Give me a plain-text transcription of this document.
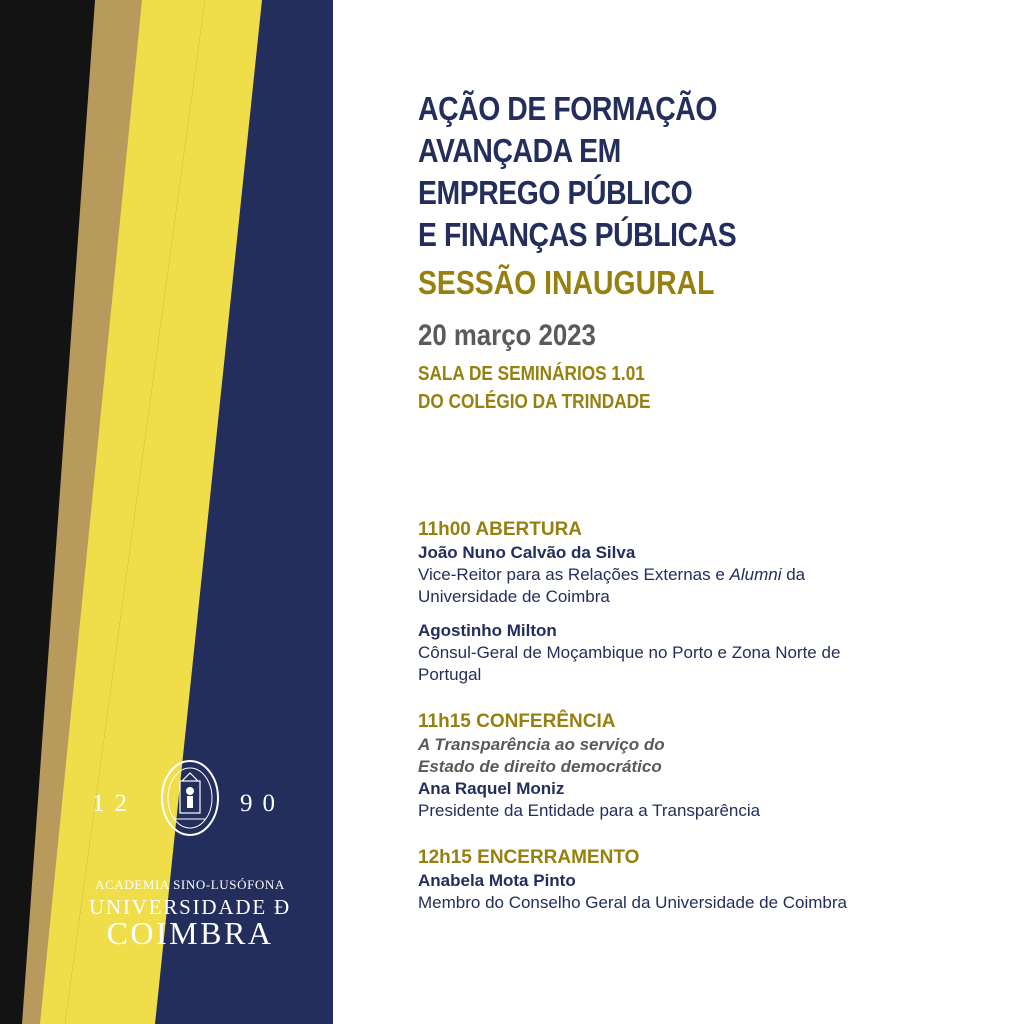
12	90
ACADEMIA SINO-LUSÓFONA
UNIVERSIDADE Đ
COIMBRA
AÇÃO DE FORMAÇÃO
AVANÇADA EM
EMPREGO PÚBLICO
E FINANÇAS PÚBLICAS
SESSÃO INAUGURAL
20 março 2023
SALA DE SEMINÁRIOS 1.01
DO COLÉGIO DA TRINDADE
11h00 ABERTURA
João Nuno Calvão da Silva
Vice-Reitor para as Relações Externas e Alumni da
Universidade de Coimbra
Agostinho Milton
Cônsul-Geral de Moçambique no Porto e Zona Norte de
Portugal
11h15 CONFERÊNCIA
A Transparência ao serviço do
Estado de direito democrático
Ana Raquel Moniz
Presidente da Entidade para a Transparência
12h15 ENCERRAMENTO
Anabela Mota Pinto
Membro do Conselho Geral da Universidade de Coimbra
